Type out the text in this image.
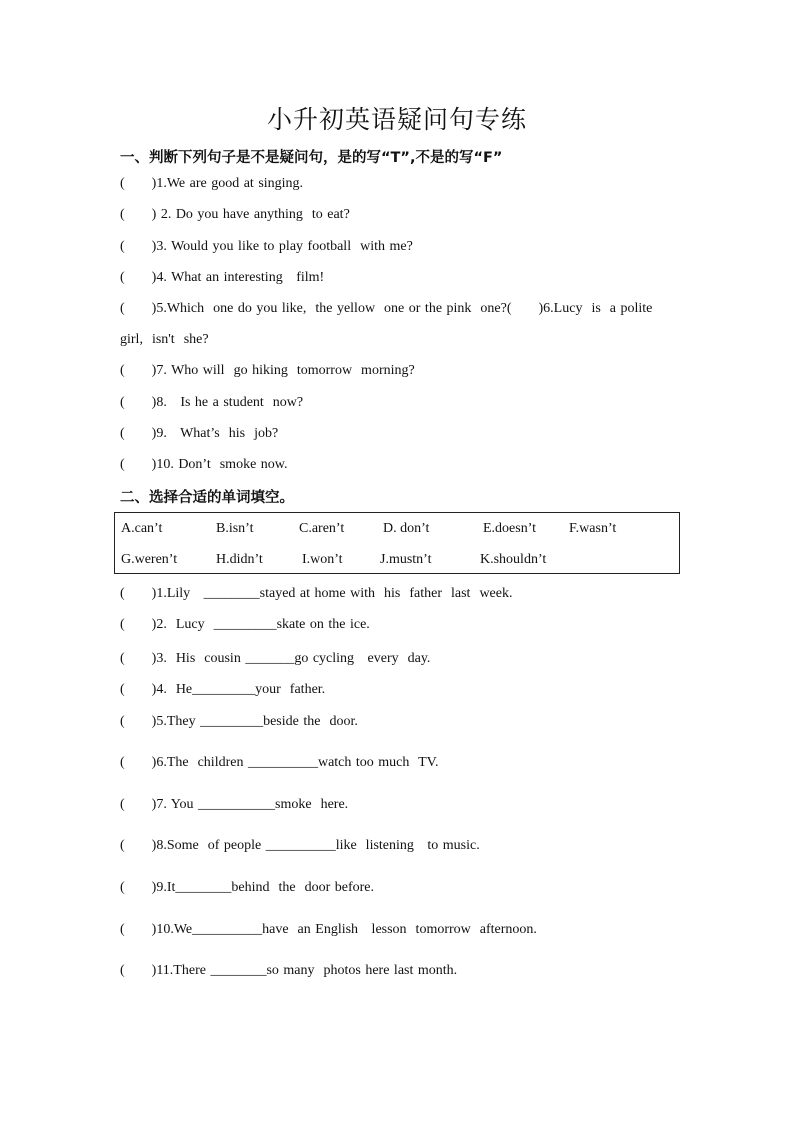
小升初英语疑问句专练
一、判断下列句子是不是疑问句，是的写“T”,不是的写“F”
(      )1.We are good at singing.
(      ) 2. Do you have anything  to eat?
(      )3. Would you like to play football  with me?
(      )4. What an interesting   film!
(      )5.Which  one do you like,  the yellow  one or the pink  one?(      )6.Lucy  is  a polite
girl,  isn't  she?
(      )7. Who will  go hiking  tomorrow  morning?
(      )8.   Is he a student  now?
(      )9.   What’s  his  job?
(      )10. Don’t  smoke now.
二、选择合适的单词填空。
A.can’t	B.isn’t	C.aren’t	D. don’t	E.doesn’t F.wasn’t
G.weren’t	H.didn’t	I.won’t	J.mustn’t	K.shouldn’t
(      )1.Lily   ________stayed at home with  his  father  last  week.
(      )2.  Lucy  _________skate on the ice.
(      )3.  His  cousin _______go cycling   every  day.
(      )4.  He_________your  father.
(      )5.They _________beside the  door.
(      )6.The  children __________watch too much  TV.
(      )7. You ___________smoke  here.
(      )8.Some  of people __________like  listening   to music.
(      )9.It________behind  the  door before.
(      )10.We__________have  an English   lesson  tomorrow  afternoon.
(      )11.There ________so many  photos here last month.
